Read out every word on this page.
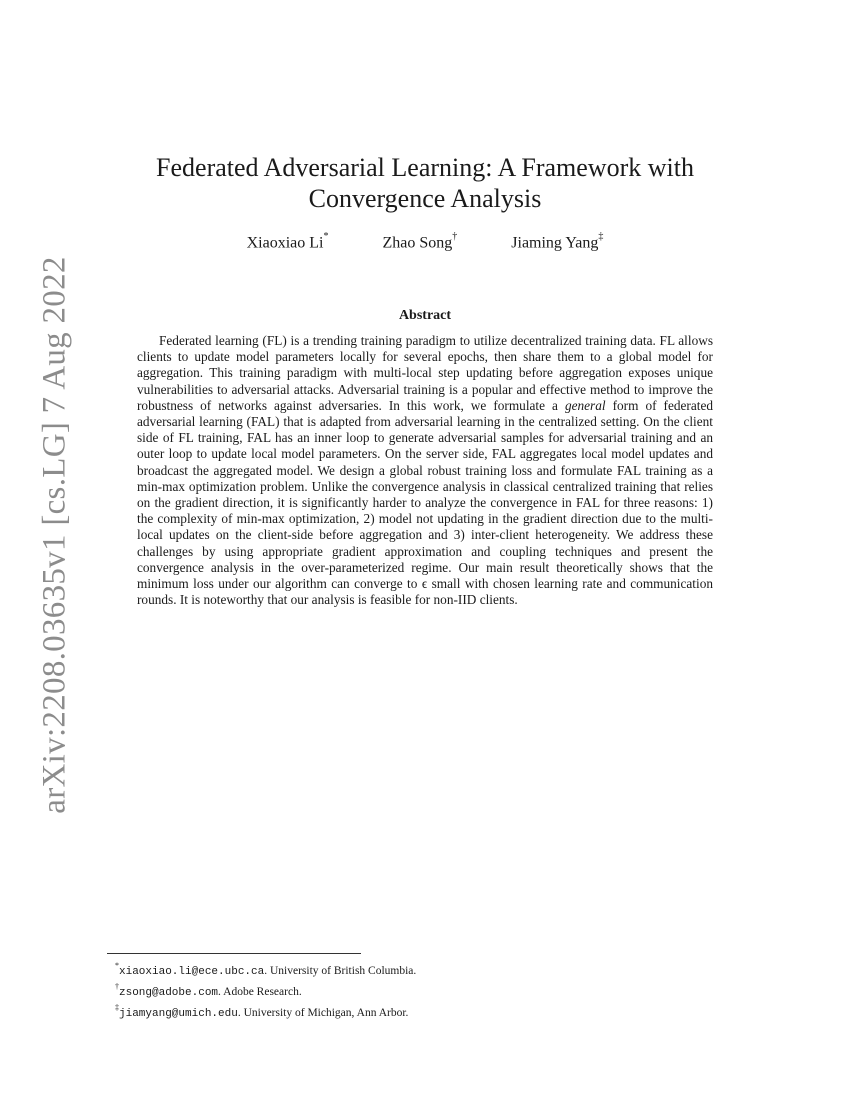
arXiv:2208.03635v1 [cs.LG] 7 Aug 2022
Federated Adversarial Learning: A Framework with Convergence Analysis
Xiaoxiao Li*	Zhao Song†	Jiaming Yang‡
Abstract

Federated learning (FL) is a trending training paradigm to utilize decentralized training data. FL allows clients to update model parameters locally for several epochs, then share them to a global model for aggregation. This training paradigm with multi-local step updating before aggregation exposes unique vulnerabilities to adversarial attacks. Adversarial training is a popular and effective method to improve the robustness of networks against adversaries. In this work, we formulate a general form of federated adversarial learning (FAL) that is adapted from adversarial learning in the centralized setting. On the client side of FL training, FAL has an inner loop to generate adversarial samples for adversarial training and an outer loop to update local model parameters. On the server side, FAL aggregates local model updates and broadcast the aggregated model. We design a global robust training loss and formulate FAL training as a min-max optimization problem. Unlike the convergence analysis in classical centralized training that relies on the gradient direction, it is significantly harder to analyze the convergence in FAL for three reasons: 1) the complexity of min-max optimization, 2) model not updating in the gradient direction due to the multi-local updates on the client-side before aggregation and 3) inter-client heterogeneity. We address these challenges by using appropriate gradient approximation and coupling techniques and present the convergence analysis in the over-parameterized regime. Our main result theoretically shows that the minimum loss under our algorithm can converge to ϵ small with chosen learning rate and communication rounds. It is noteworthy that our analysis is feasible for non-IID clients.

*xiaoxiao.li@ece.ubc.ca. University of British Columbia.
†zsong@adobe.com. Adobe Research.
‡jiamyang@umich.edu. University of Michigan, Ann Arbor.
